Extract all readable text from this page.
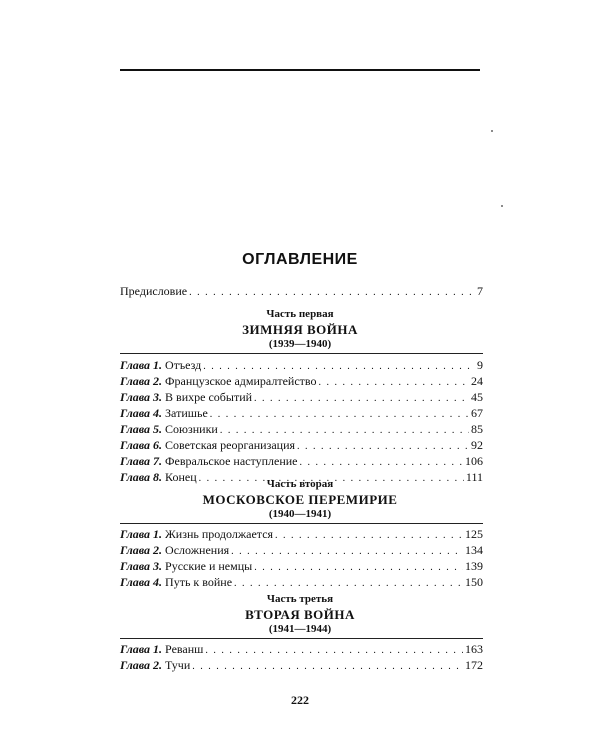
ОГЛАВЛЕНИЕ
Предисловие . . .	7
Часть первая
ЗИМНЯЯ ВОЙНА
(1939—1940)
Глава 1. Отъезд . . .	9
Глава 2. Французское адмиралтейство . . .	24
Глава 3. В вихре событий . . .	45
Глава 4. Затишье . . .	67
Глава 5. Союзники . . .	85
Глава 6. Советская реорганизация . . .	92
Глава 7. Февральское наступление . . .	106
Глава 8. Конец . . .	111
Часть вторая
МОСКОВСКОЕ ПЕРЕМИРИЕ
(1940—1941)
Глава 1. Жизнь продолжается . . .	125
Глава 2. Осложнения . . .	134
Глава 3. Русские и немцы . . .	139
Глава 4. Путь к войне . . .	150
Часть третья
ВТОРАЯ ВОЙНА
(1941—1944)
Глава 1. Реванш . . .	163
Глава 2. Тучи . . .	172
222
